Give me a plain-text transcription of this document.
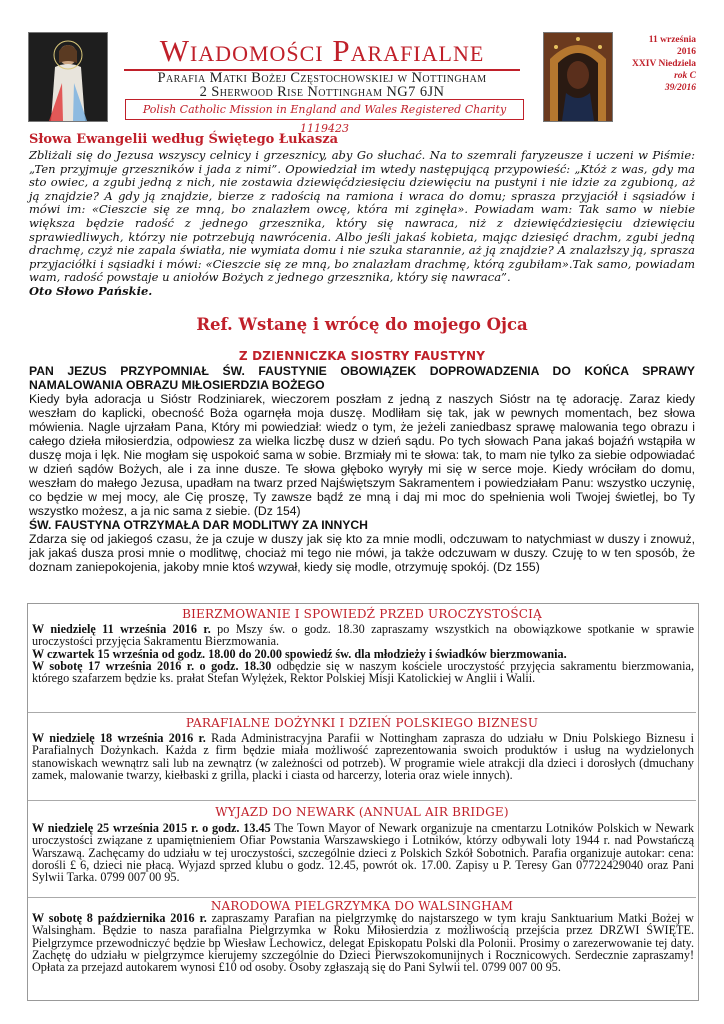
Wiadomości Parafialne
Parafia Matki Bożej Częstochowskiej w Nottingham
2 Sherwood Rise Nottingham NG7 6JN
Polish Catholic Mission in England and Wales Registered Charity 1119423
11 września
2016
XXIV Niedziela
rok C
39/2016
Słowa Ewangelii według Świętego Łukasza
Zbliżali się do Jezusa wszyscy celnicy i grzesznicy, aby Go słuchać. Na to szemrali faryzeusze i uczeni w Piśmie: „Ten przyjmuje grzeszników i jada z nimi”. Opowiedział im wtedy następującą przypowieść: „Któż z was, gdy ma sto owiec, a zgubi jedną z nich, nie zostawia dziewięćdziesięciu dziewięciu na pustyni i nie idzie za zgubioną, aż ją znajdzie? A gdy ją znajdzie, bierze z radością na ramiona i wraca do domu; sprasza przyjaciół i sąsiadów i mówi im: «Cieszcie się ze mną, bo znalazłem owcę, która mi zginęła». Powiadam wam: Tak samo w niebie większa będzie radość z jednego grzesznika, który się nawraca, niż z dziewięćdziesięciu dziewięciu sprawiedliwych, którzy nie potrzebują nawrócenia. Albo jeśli jakaś kobieta, mając dziesięć drachm, zgubi jedną drachmę, czyż nie zapala światła, nie wymiata domu i nie szuka starannie, aż ją znajdzie? A znalazłszy ją, sprasza przyjaciółki i sąsiadki i mówi: «Cieszcie się ze mną, bo znalazłam drachmę, którą zgubiłam».Tak samo, powiadam wam, radość powstaje u aniołów Bożych z jednego grzesznika, który się nawraca”.
Oto Słowo Pańskie.
Ref. Wstanę i wrócę do mojego Ojca
Z DZIENNICZKA SIOSTRY FAUSTYNY
PAN JEZUS PRZYPOMNIAŁ ŚW. FAUSTYNIE OBOWIĄZEK DOPROWADZENIA DO KOŃCA SPRAWY NAMALOWANIA OBRAZU MIŁOSIERDZIA BOŻEGO
Kiedy była adoracja u Sióstr Rodziniarek, wieczorem poszłam z jedną z naszych Sióstr na tę adorację. Zaraz kiedy weszłam do kaplicki, obecność Boża ogarnęła moja duszę. Modliłam się tak, jak w pewnych momentach, bez słowa mówienia. Nagle ujrzałam Pana, Który mi powiedział: wiedz o tym, że jeżeli zaniedbasz sprawę malowania tego obrazu i całego dzieła miłosierdzia, odpowiesz za wielka liczbę dusz w dzień sądu. Po tych słowach Pana jakaś bojaźń wstąpiła w duszę moja i lęk. Nie mogłam się uspokoić sama w sobie. Brzmiały mi te słowa: tak, to mam nie tylko za siebie odpowiadać w dzień sądów Bożych, ale i za inne dusze. Te słowa głęboko wyryły mi się w serce moje. Kiedy wróciłam do domu, weszłam do małego Jezusa, upadłam na twarz przed Najświętszym Sakramentem i powiedziałam Panu: wszystko uczynię, co będzie w mej mocy, ale Cię proszę, Ty zawsze bądź ze mną i daj mi moc do spełnienia woli Twojej świetlej, bo Ty wszystko możesz, a ja nic sama z siebie. (Dz 154)
ŚW. FAUSTYNA OTRZYMAŁA DAR MODLITWY ZA INNYCH
Zdarza się od jakiegoś czasu, że ja czuje w duszy jak się kto za mnie modli, odczuwam to natychmiast w duszy i znowuż, jak jakaś dusza prosi mnie o modlitwę, chociaż mi tego nie mówi, ja także odczuwam w duszy. Czuję to w ten sposób, że doznam zaniepokojenia, jakoby mnie ktoś wzywał, kiedy się modle, otrzymuję spokój. (Dz 155)
BIERZMOWANIE I SPOWIEDŹ PRZED UROCZYSTOŚCIĄ
W niedzielę 11 września 2016 r. po Mszy św. o godz. 18.30 zapraszamy wszystkich na obowiązkowe spotkanie w sprawie uroczystości przyjęcia Sakramentu Bierzmowania.
W czwartek 15 września od godz. 18.00 do 20.00 spowiedź św. dla młodzieży i świadków bierzmowania.
W sobotę 17 września 2016 r. o godz. 18.30 odbędzie się w naszym kościele uroczystość przyjęcia sakramentu bierzmowania, którego szafarzem będzie ks. prałat Stefan Wylężek, Rektor Polskiej Misji Katolickiej w Anglii i Walii.
PARAFIALNE DOŻYNKI I DZIEŃ POLSKIEGO BIZNESU
W niedzielę 18 września 2016 r. Rada Administracyjna Parafii w Nottingham zaprasza do udziału w Dniu Polskiego Biznesu i Parafialnych Dożynkach. Każda z firm będzie miała możliwość zaprezentowania swoich produktów i usług na wydzielonych stanowiskach wewnątrz sali lub na zewnątrz (w zależności od potrzeb). W programie wiele atrakcji dla dzieci i dorosłych (dmuchany zamek, malowanie twarzy, kiełbaski z grilla, placki i ciasta od harcerzy, loteria oraz wiele innych).
WYJAZD DO NEWARK (ANNUAL AIR BRIDGE)
W niedzielę 25 września 2015 r. o godz. 13.45 The Town Mayor of Newark organizuje na cmentarzu Lotników Polskich w Newark uroczystości związane z upamiętnieniem Ofiar Powstania Warszawskiego i Lotników, którzy odbywali loty 1944 r. nad Powstańczą Warszawą. Zachęcamy do udziału w tej uroczystości, szczególnie dzieci z Polskich Szkół Sobotnich. Parafia organizuje autokar: cena: dorośli £ 6, dzieci nie płacą. Wyjazd sprzed klubu o godz. 12.45, powrót ok. 17.00. Zapisy u P. Teresy Gan 07722429040 oraz Pani Sylwii Tarka. 0799 007 00 95.
NARODOWA PIELGRZYMKA DO WALSINGHAM
W sobotę 8 października 2016 r. zapraszamy Parafian na pielgrzymkę do najstarszego w tym kraju Sanktuarium Matki Bożej w Walsingham. Będzie to nasza parafialna Pielgrzymka w Roku Miłosierdzia z możliwością przejścia przez DRZWI ŚWIĘTE. Pielgrzymce przewodniczyć będzie bp Wiesław Lechowicz, delegat Episkopatu Polski dla Polonii. Prosimy o zarezerwowanie tej daty. Zachętę do udziału w pielgrzymce kierujemy szczególnie do Dzieci Pierwszokomunijnych i Rocznicowych. Serdecznie zapraszamy! Opłata za przejazd autokarem wynosi £10 od osoby. Osoby zgłaszają się do Pani Sylwii tel. 0799 007 00 95.
